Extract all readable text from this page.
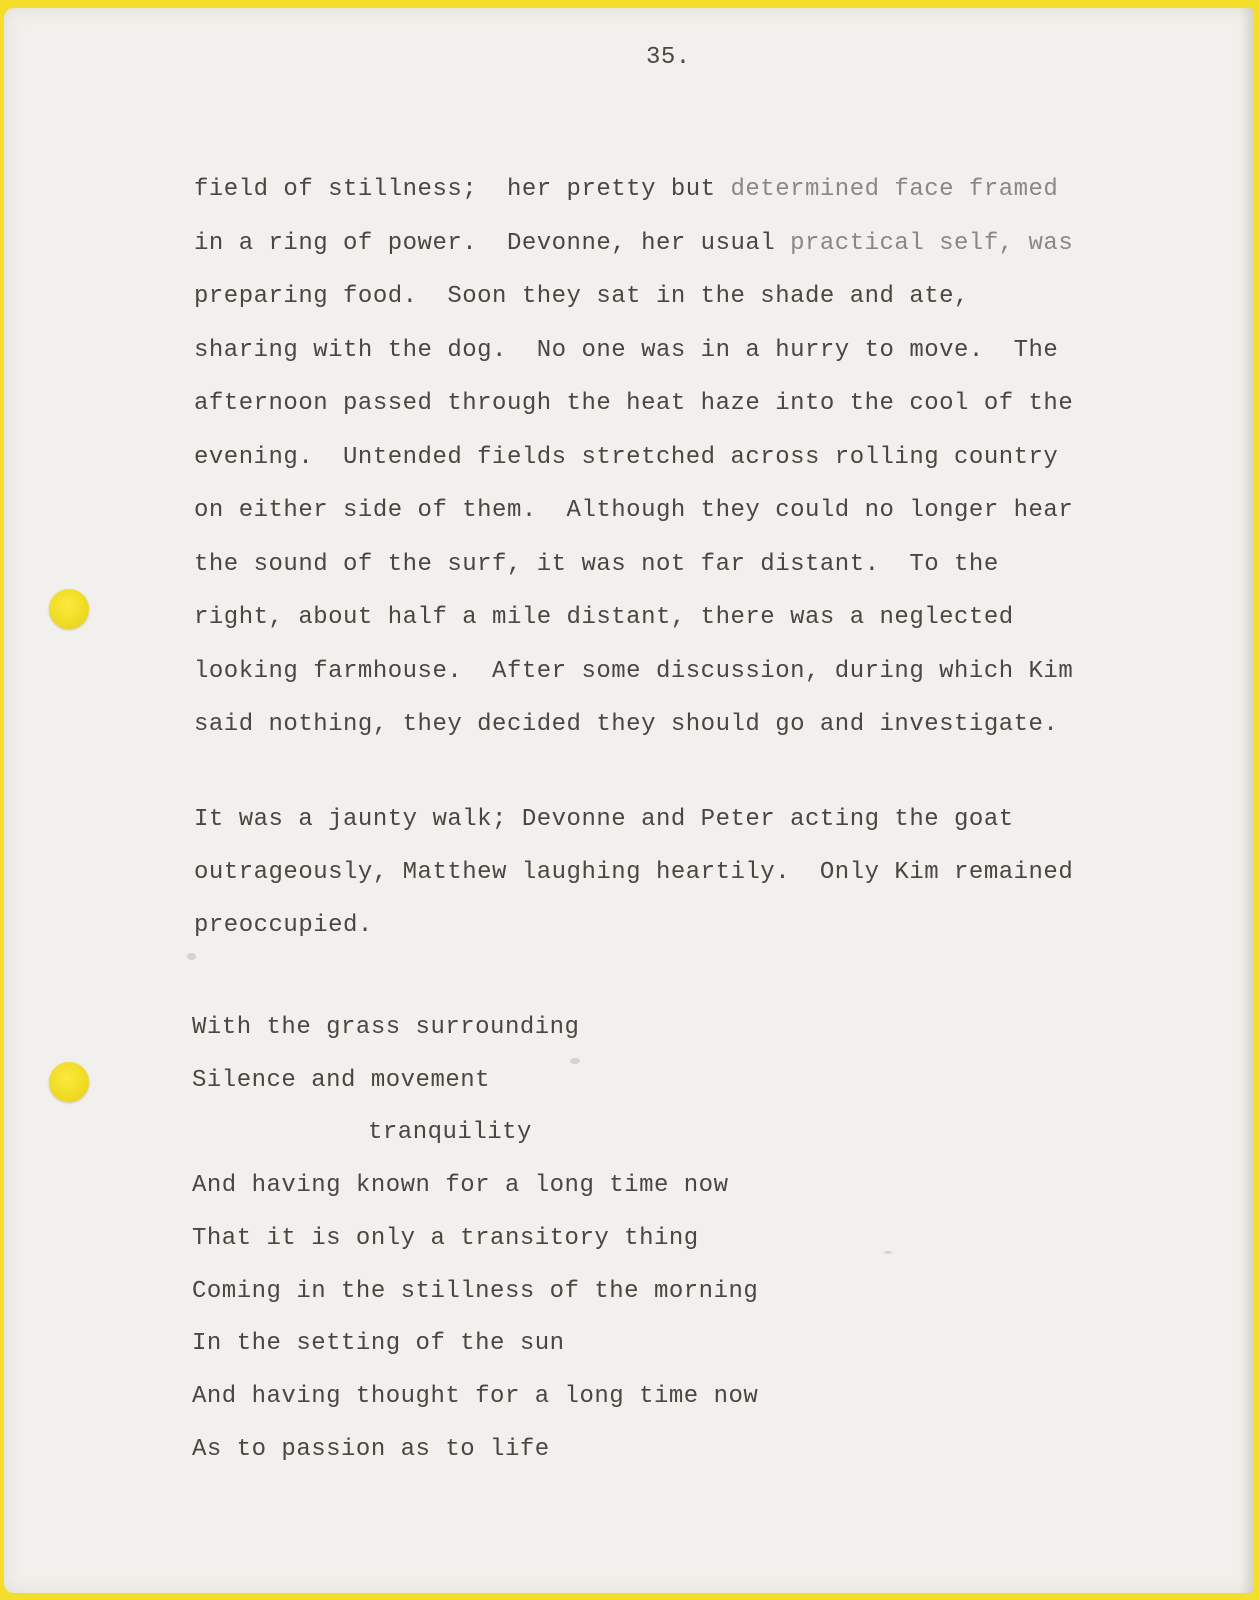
35.

field of stillness;  her pretty but determined face framed
in a ring of power.  Devonne, her usual practical self, was
preparing food.  Soon they sat in the shade and ate,
sharing with the dog.  No one was in a hurry to move.  The
afternoon passed through the heat haze into the cool of the
evening.  Untended fields stretched across rolling country
on either side of them.  Although they could no longer hear
the sound of the surf, it was not far distant.  To the
right, about half a mile distant, there was a neglected
looking farmhouse.  After some discussion, during which Kim
said nothing, they decided they should go and investigate.

It was a jaunty walk; Devonne and Peter acting the goat
outrageously, Matthew laughing heartily.  Only Kim remained
preoccupied.

With the grass surrounding
Silence and movement
tranquility
And having known for a long time now
That it is only a transitory thing
Coming in the stillness of the morning
In the setting of the sun
And having thought for a long time now
As to passion as to life
